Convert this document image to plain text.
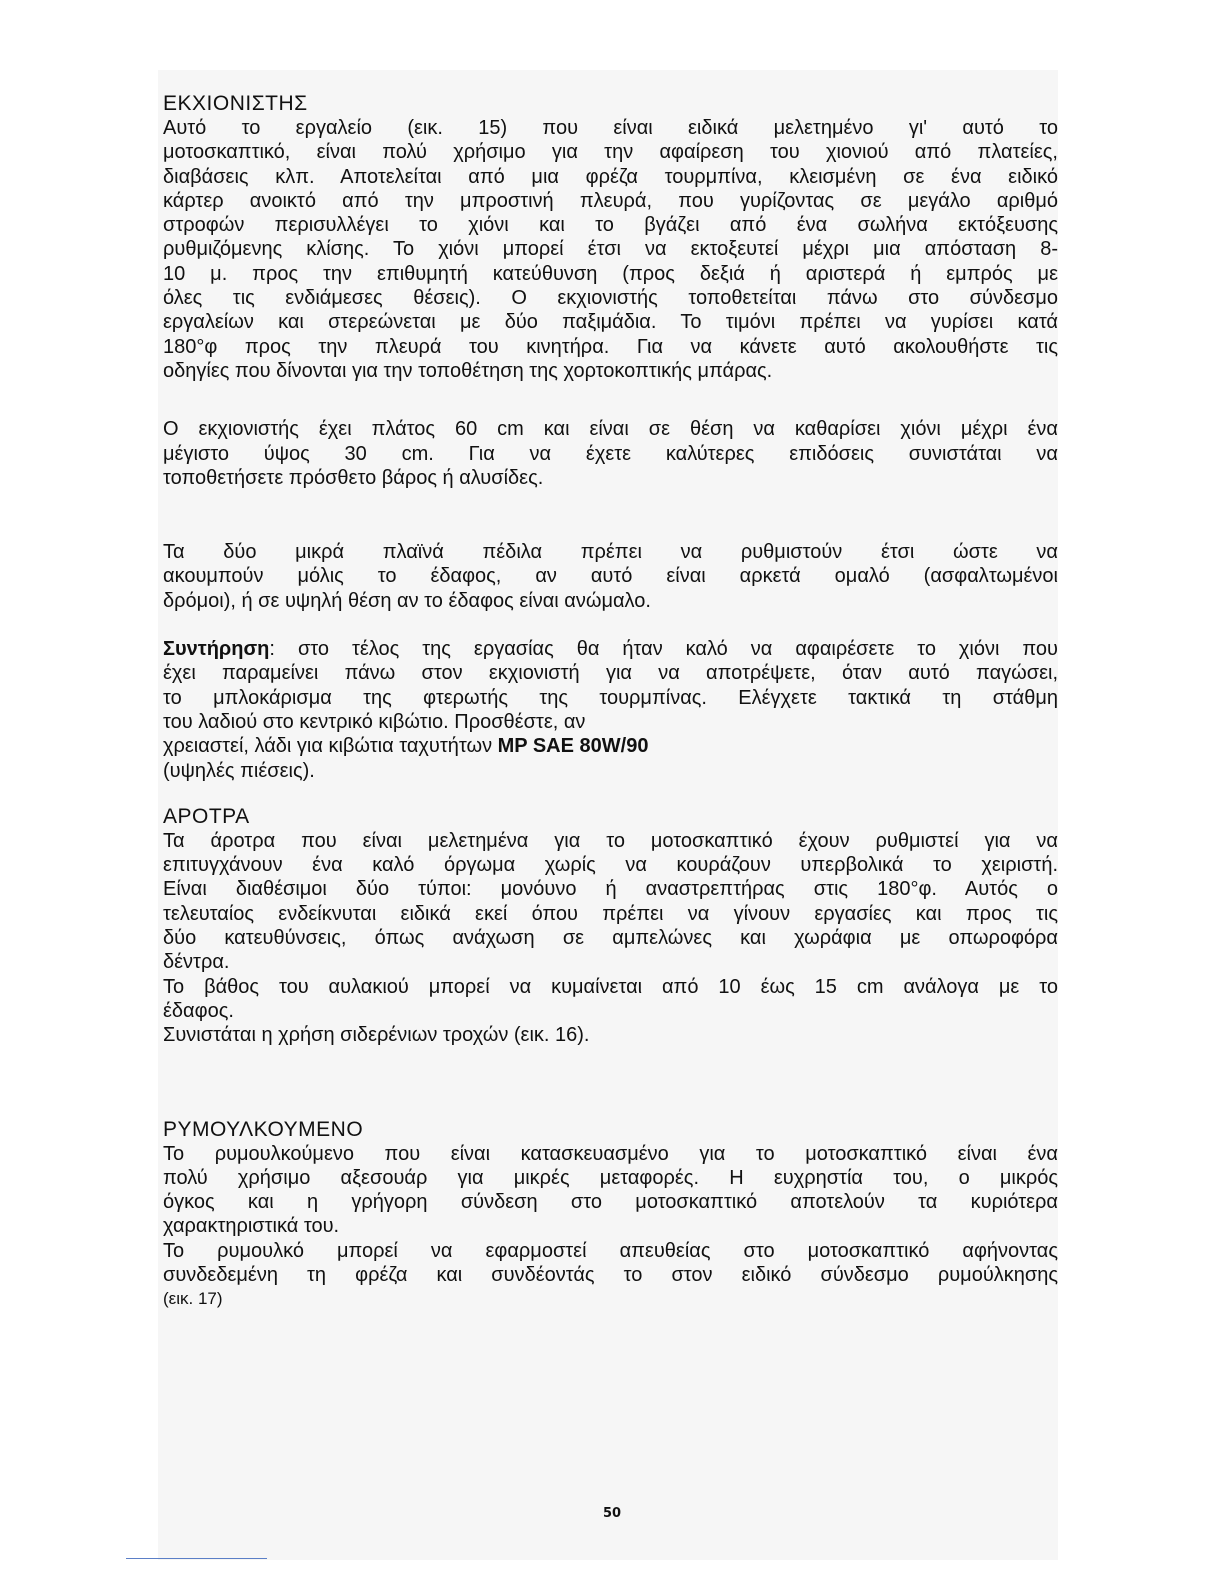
ΕΚΧΙΟΝΙΣΤΗΣ
Αυτό το εργαλείο (εικ. 15) που είναι ειδικά μελετημένο γι' αυτό το
μοτοσκαπτικό, είναι πολύ χρήσιμο για την αφαίρεση του χιονιού από πλατείες,
διαβάσεις κλπ. Αποτελείται από μια φρέζα τουρμπίνα, κλεισμένη σε ένα ειδικό
κάρτερ ανοικτό από την μπροστινή πλευρά, που γυρίζοντας σε μεγάλο αριθμό
στροφών περισυλλέγει το χιόνι και το βγάζει από ένα σωλήνα εκτόξευσης
ρυθμιζόμενης κλίσης. Το χιόνι μπορεί έτσι να εκτοξευτεί μέχρι μια απόσταση 8-
10 μ. προς την επιθυμητή κατεύθυνση (προς δεξιά ή αριστερά ή εμπρός με
όλες τις ενδιάμεσες θέσεις). Ο εκχιονιστής τοποθετείται πάνω στο σύνδεσμο
εργαλείων και στερεώνεται με δύο παξιμάδια. Το τιμόνι πρέπει να γυρίσει κατά
180°φ προς την πλευρά του κινητήρα. Για να κάνετε αυτό ακολουθήστε τις
οδηγίες που δίνονται για την τοποθέτηση της χορτοκοπτικής μπάρας.
Ο εκχιονιστής έχει πλάτος 60 cm και είναι σε θέση να καθαρίσει χιόνι μέχρι ένα
μέγιστο ύψος 30 cm. Για να έχετε καλύτερες επιδόσεις συνιστάται να
τοποθετήσετε πρόσθετο βάρος ή αλυσίδες.
Τα δύο μικρά πλαϊνά πέδιλα πρέπει να ρυθμιστούν έτσι ώστε να
ακουμπούν μόλις το έδαφος, αν αυτό είναι αρκετά ομαλό (ασφαλτωμένοι
δρόμοι), ή σε υψηλή θέση αν το έδαφος είναι ανώμαλο.
Συντήρηση: στο τέλος της εργασίας θα ήταν καλό να αφαιρέσετε το χιόνι που
έχει παραμείνει πάνω στον εκχιονιστή για να αποτρέψετε, όταν αυτό παγώσει,
το μπλοκάρισμα της φτερωτής της τουρμπίνας. Ελέγχετε τακτικά τη στάθμη
του λαδιού στο κεντρικό κιβώτιο. Προσθέστε, αν
χρειαστεί, λάδι για κιβώτια ταχυτήτων MP SAE 80W/90
(υψηλές πιέσεις).
ΑΡΟΤΡΑ
Τα άροτρα που είναι μελετημένα για το μοτοσκαπτικό έχουν ρυθμιστεί για να
επιτυγχάνουν ένα καλό όργωμα χωρίς να κουράζουν υπερβολικά το χειριστή.
Είναι διαθέσιμοι δύο τύποι: μονόυνο ή αναστρεπτήρας στις 180°φ. Αυτός ο
τελευταίος ενδείκνυται ειδικά εκεί όπου πρέπει να γίνουν εργασίες και προς τις
δύο κατευθύνσεις, όπως ανάχωση σε αμπελώνες και χωράφια με οπωροφόρα
δέντρα.
Το βάθος του αυλακιού μπορεί να κυμαίνεται από 10 έως 15 cm ανάλογα με το
έδαφος.
Συνιστάται η χρήση σιδερένιων τροχών (εικ. 16).
ΡΥΜΟΥΛΚΟΥΜΕΝΟ
Το ρυμουλκούμενο που είναι κατασκευασμένο για το μοτοσκαπτικό είναι ένα
πολύ χρήσιμο αξεσουάρ για μικρές μεταφορές. Η ευχρηστία του, ο μικρός
όγκος και η γρήγορη σύνδεση στο μοτοσκαπτικό αποτελούν τα κυριότερα
χαρακτηριστικά του.
Το ρυμουλκό μπορεί να εφαρμοστεί απευθείας στο μοτοσκαπτικό αφήνοντας
συνδεδεμένη τη φρέζα και συνδέοντάς το στον ειδικό σύνδεσμο ρυμούλκησης
(εικ. 17)
50
